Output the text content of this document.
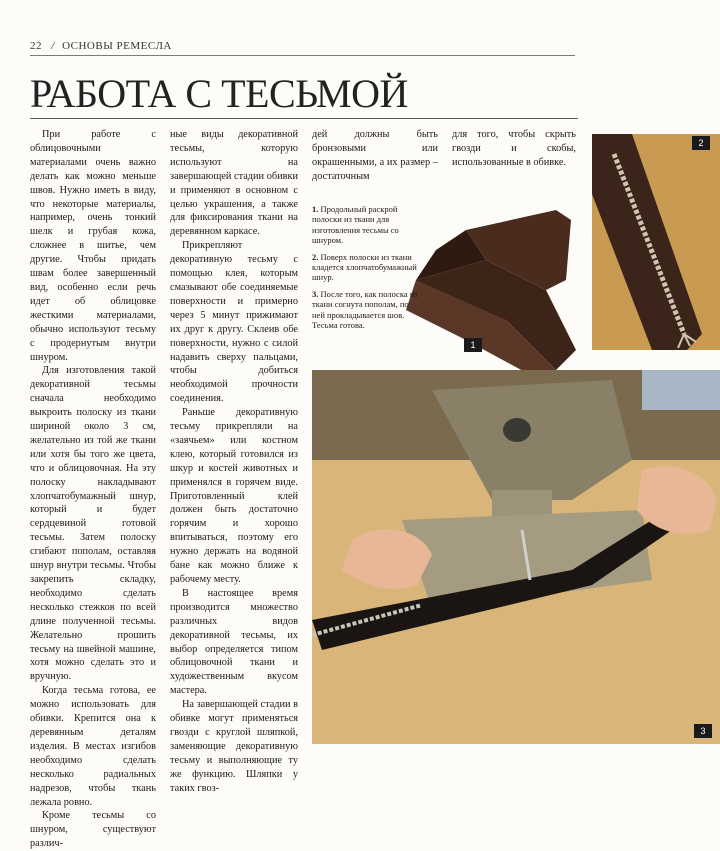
22 / ОСНОВЫ РЕМЕСЛА
РАБОТА С ТЕСЬМОЙ

При работе с облицовочными материалами очень важно делать как можно меньше швов. Нужно иметь в виду, что некоторые материалы, например, очень тонкий шелк и грубая кожа, сложнее в шитье, чем другие. Чтобы придать швам более завершенный вид, особенно если речь идет об облицовке жесткими материалами, обычно используют тесьму с продернутым внутри шнуром.

Для изготовления такой декоративной тесьмы сначала необходимо выкроить полоску из ткани шириной около 3 см, желательно из той же ткани или хотя бы того же цвета, что и облицовочная. На эту полоску накладывают хлопчатобумажный шнур, который и будет сердцевиной готовой тесьмы. Затем полоску сгибают пополам, оставляя шнур внутри тесьмы. Чтобы закрепить складку, необходимо сделать несколько стежков по всей длине полученной тесьмы. Желательно прошить тесьму на швейной машине, хотя можно сделать это и вручную.

Когда тесьма готова, ее можно использовать для обивки. Крепится она к деревянным деталям изделия. В местах изгибов необходимо сделать несколько радиальных надрезов, чтобы ткань лежала ровно.

Кроме тесьмы со шнуром, существуют различ-

ные виды декоративной тесьмы, которую используют на завершающей стадии обивки и применяют в основном с целью украшения, а также для фиксирования ткани на деревянном каркасе.

Прикрепляют декоративную тесьму с помощью клея, которым смазывают обе соединяемые поверхности и примерно через 5 минут прижимают их друг к другу. Склеив обе поверхности, нужно с силой надавить сверху пальцами, чтобы добиться необходимой прочности соединения.

Раньше декоративную тесьму прикрепляли на «заячьем» или костном клею, который готовился из шкур и костей животных и применялся в горячем виде. Приготовленный клей должен быть достаточно горячим и хорошо впитываться, поэтому его нужно держать на водяной бане как можно ближе к рабочему месту.

В настоящее время производится множество различных видов декоративной тесьмы, их выбор определяется типом облицовочной ткани и художественным вкусом мастера.

На завершающей стадии в обивке могут применяться гвозди с круглой шляпкой, заменяющие декоративную тесьму и выполняющие ту же функцию. Шляпки у таких гвоз-

дей должны быть бронзовыми или окрашенными, а их размер – достаточным

для того, чтобы скрыть гвозди и скобы, использованные в обивке.

1

1. Продольный раскрой полоски из ткани для изготовления тесьмы со шнуром.

2. Поверх полоски из ткани кладется хлопчатобумажный шнур.

3. После того, как полоска из ткани согнута пополам, по ней прокладывается шов. Тесьма готова.

2
3
